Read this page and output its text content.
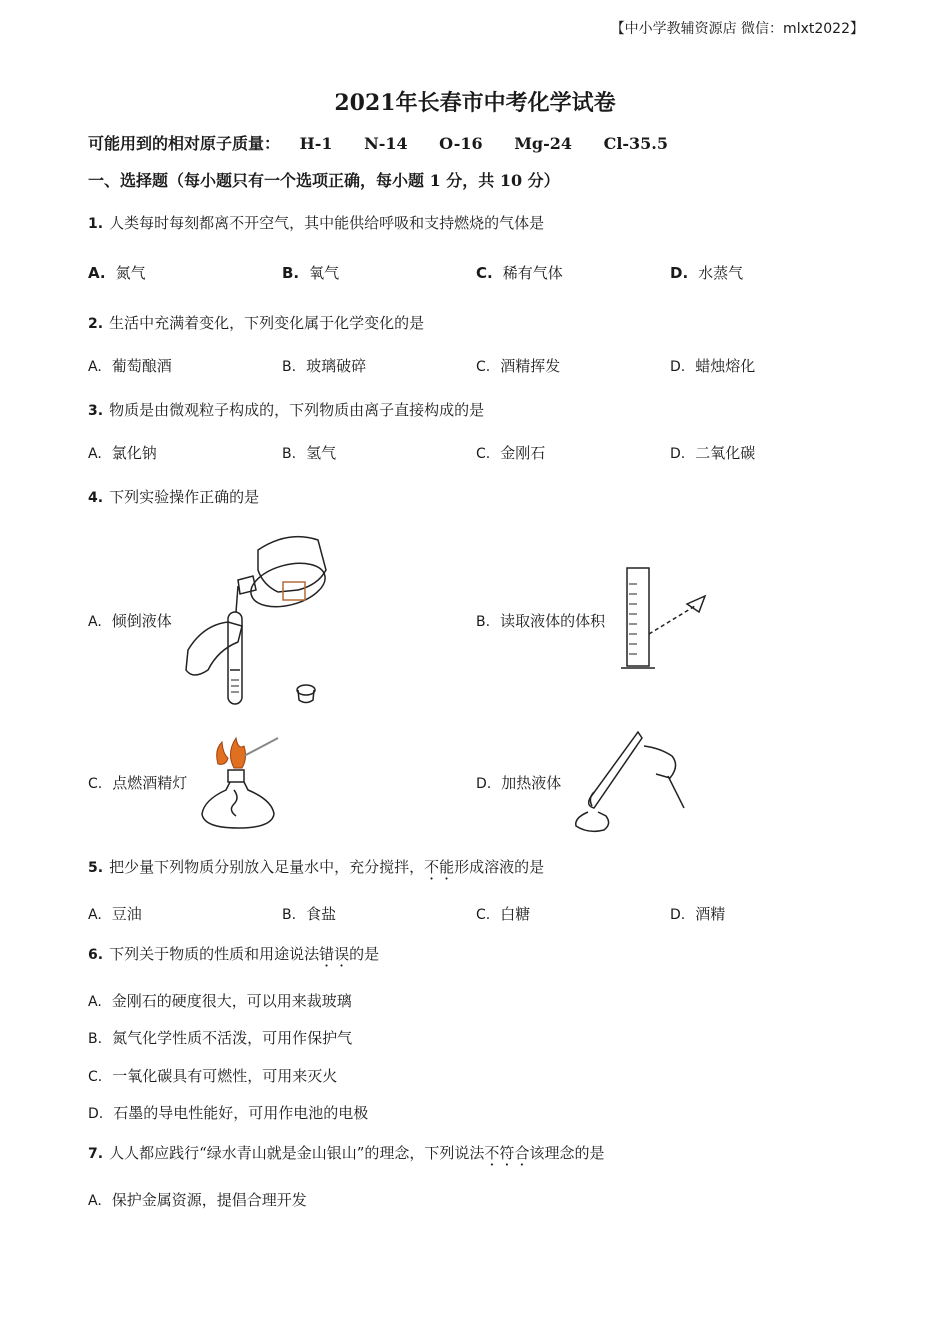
【中小学教辅资源店 微信：mlxt2022】
2021年长春市中考化学试卷
可能用到的相对原子质量： H-1 N-14 O-16 Mg-24 Cl-35.5
一、选择题（每小题只有一个选项正确，每小题 1 分，共 10 分）
1. 人类每时每刻都离不开空气，其中能供给呼吸和支持燃烧的气体是
A. 氮气	B. 氧气	C. 稀有气体	D. 水蒸气
2. 生活中充满着变化，下列变化属于化学变化的是
A. 葡萄酿酒	B. 玻璃破碎	C. 酒精挥发	D. 蜡烛熔化
3. 物质是由微观粒子构成的，下列物质由离子直接构成的是
A. 氯化钠	B. 氢气	C. 金刚石	D. 二氧化碳
4. 下列实验操作正确的是
A. 倾倒液体	B. 读取液体的体积
C. 点燃酒精灯	D. 加热液体
5. 把少量下列物质分别放入足量水中，充分搅拌，不能形成溶液的是
A. 豆油	B. 食盐	C. 白糖	D. 酒精
6. 下列关于物质的性质和用途说法错误的是
A. 金刚石的硬度很大，可以用来裁玻璃
B. 氮气化学性质不活泼，可用作保护气
C. 一氧化碳具有可燃性，可用来灭火
D. 石墨的导电性能好，可用作电池的电极
7. 人人都应践行“绿水青山就是金山银山”的理念，下列说法不符合该理念的是
A. 保护金属资源，提倡合理开发
